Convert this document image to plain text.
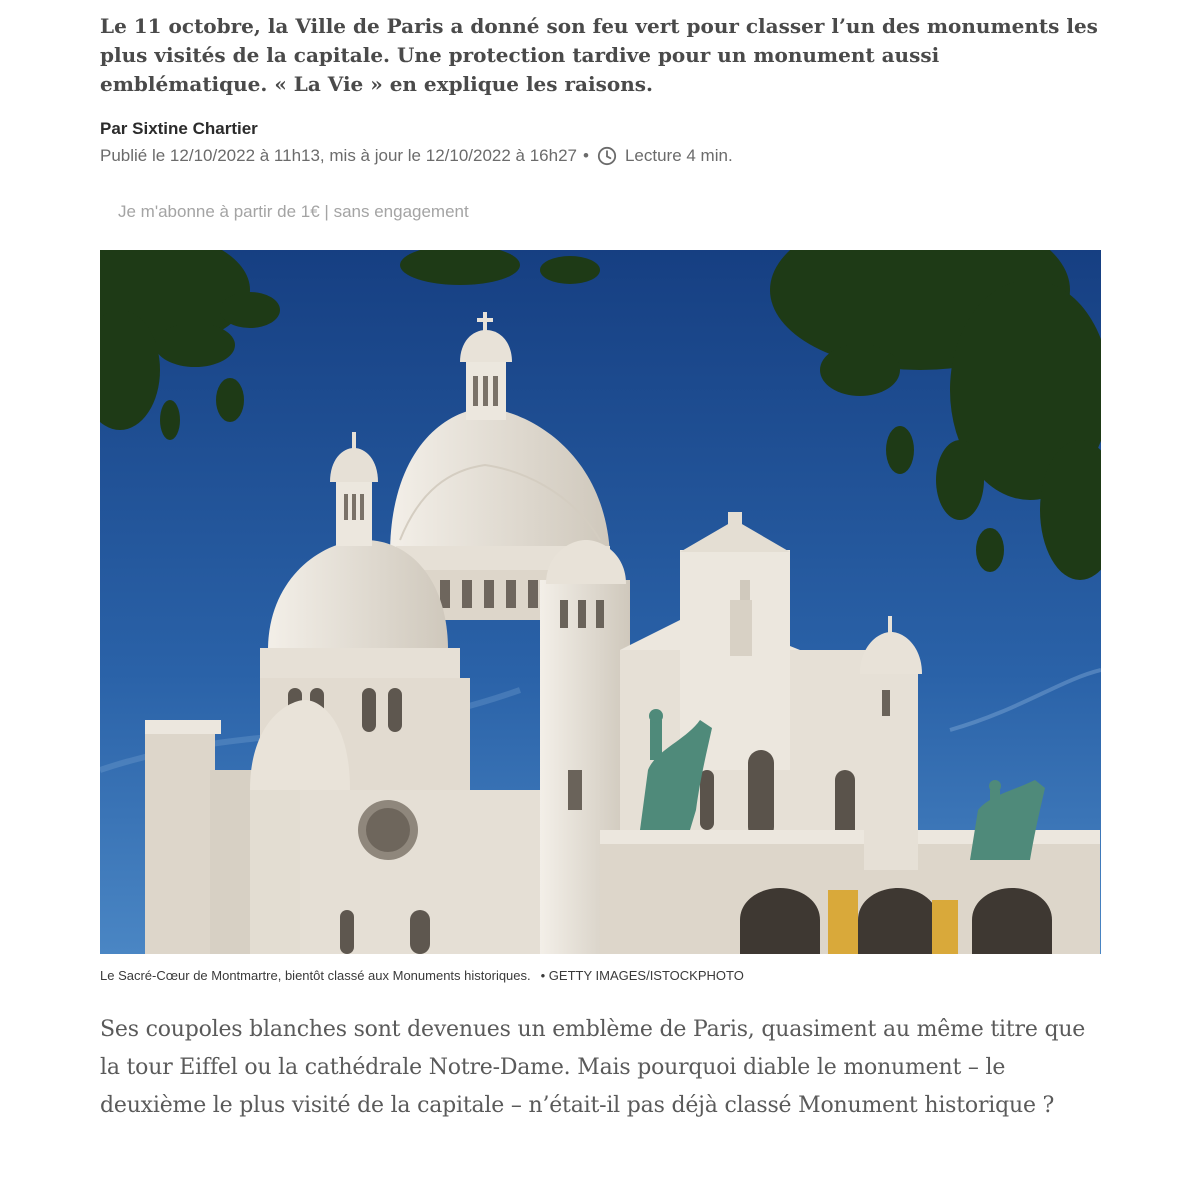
Le 11 octobre, la Ville de Paris a donné son feu vert pour classer l’un des monuments les plus visités de la capitale. Une protection tardive pour un monument aussi emblématique. « La Vie » en explique les raisons.

Par Sixtine Chartier
Publié le 12/10/2022 à 11h13, mis à jour le 12/10/2022 à 16h27 • Lecture 4 min.
Je m'abonne à partir de 1€ | sans engagement
Le Sacré-Cœur de Montmartre, bientôt classé aux Monuments historiques. • GETTY IMAGES/ISTOCKPHOTO

Ses coupoles blanches sont devenues un emblème de Paris, quasiment au même titre que la tour Eiffel ou la cathédrale Notre-Dame. Mais pourquoi diable le monument – le deuxième le plus visité de la capitale – n’était-il pas déjà classé Monument historique ?
